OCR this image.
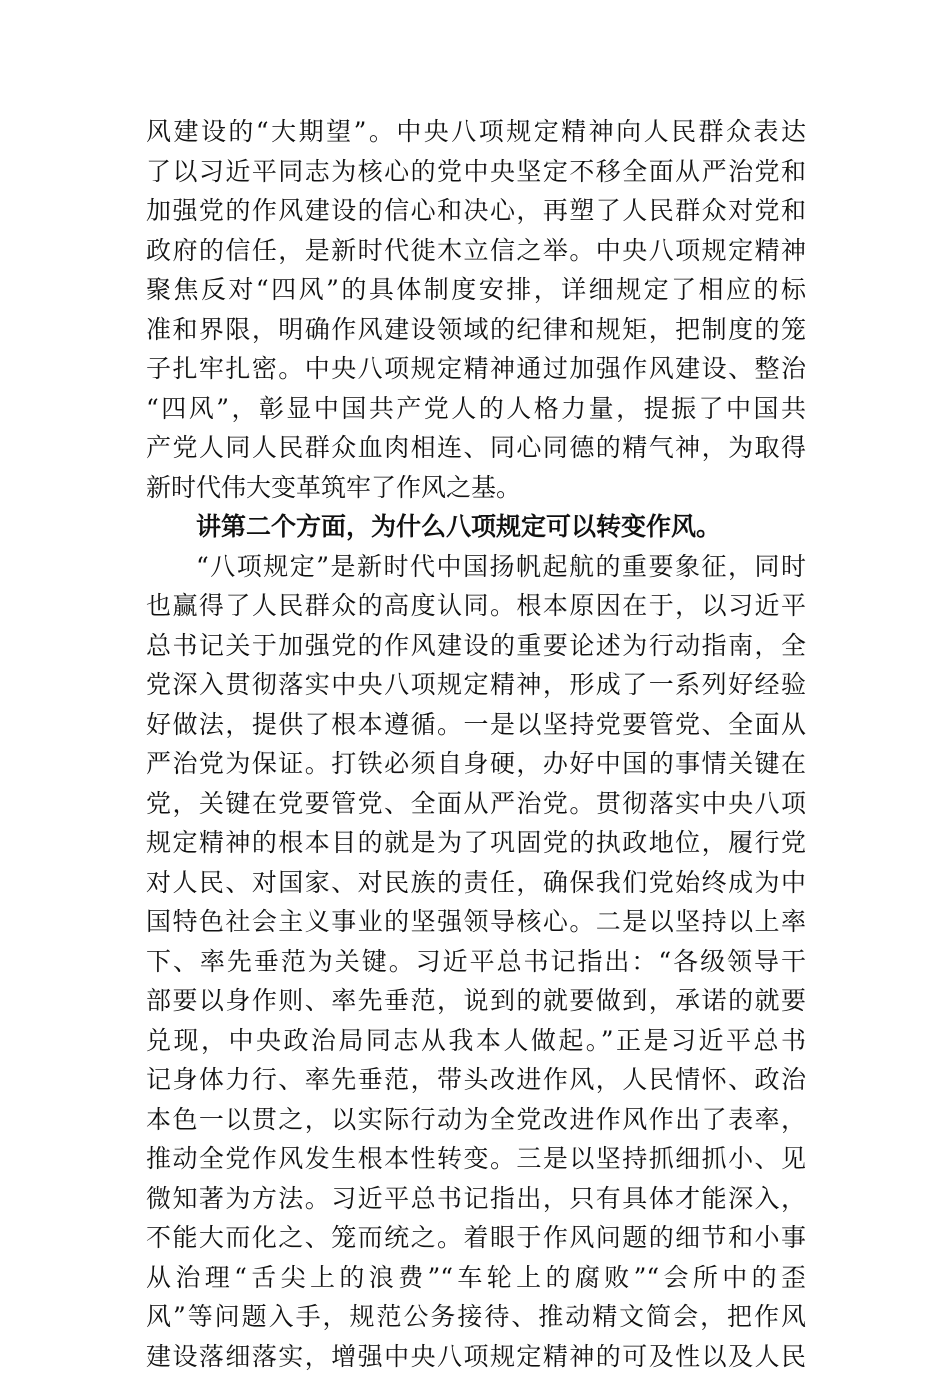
风建设的“大期望”。中央八项规定精神向人民群众表达
了以习近平同志为核心的党中央坚定不移全面从严治党和
加强党的作风建设的信心和决心，再塑了人民群众对党和
政府的信任，是新时代徙木立信之举。中央八项规定精神
聚焦反对“四风”的具体制度安排，详细规定了相应的标
准和界限，明确作风建设领域的纪律和规矩，把制度的笼
子扎牢扎密。中央八项规定精神通过加强作风建设、整治
“四风”，彰显中国共产党人的人格力量，提振了中国共
产党人同人民群众血肉相连、同心同德的精气神，为取得
新时代伟大变革筑牢了作风之基。
讲第二个方面，为什么八项规定可以转变作风。
“八项规定”是新时代中国扬帆起航的重要象征，同时
也赢得了人民群众的高度认同。根本原因在于，以习近平
总书记关于加强党的作风建设的重要论述为行动指南，全
党深入贯彻落实中央八项规定精神，形成了一系列好经验
好做法，提供了根本遵循。一是以坚持党要管党、全面从
严治党为保证。打铁必须自身硬，办好中国的事情关键在
党，关键在党要管党、全面从严治党。贯彻落实中央八项
规定精神的根本目的就是为了巩固党的执政地位，履行党
对人民、对国家、对民族的责任，确保我们党始终成为中
国特色社会主义事业的坚强领导核心。二是以坚持以上率
下、率先垂范为关键。习近平总书记指出：“各级领导干
部要以身作则、率先垂范，说到的就要做到，承诺的就要
兑现，中央政治局同志从我本人做起。”正是习近平总书
记身体力行、率先垂范，带头改进作风，人民情怀、政治
本色一以贯之，以实际行动为全党改进作风作出了表率，
推动全党作风发生根本性转变。三是以坚持抓细抓小、见
微知著为方法。习近平总书记指出，只有具体才能深入，
不能大而化之、笼而统之。着眼于作风问题的细节和小事
从治理“舌尖上的浪费”“车轮上的腐败”“会所中的歪
风”等问题入手，规范公务接待、推动精文简会，把作风
建设落细落实，增强中央八项规定精神的可及性以及人民
